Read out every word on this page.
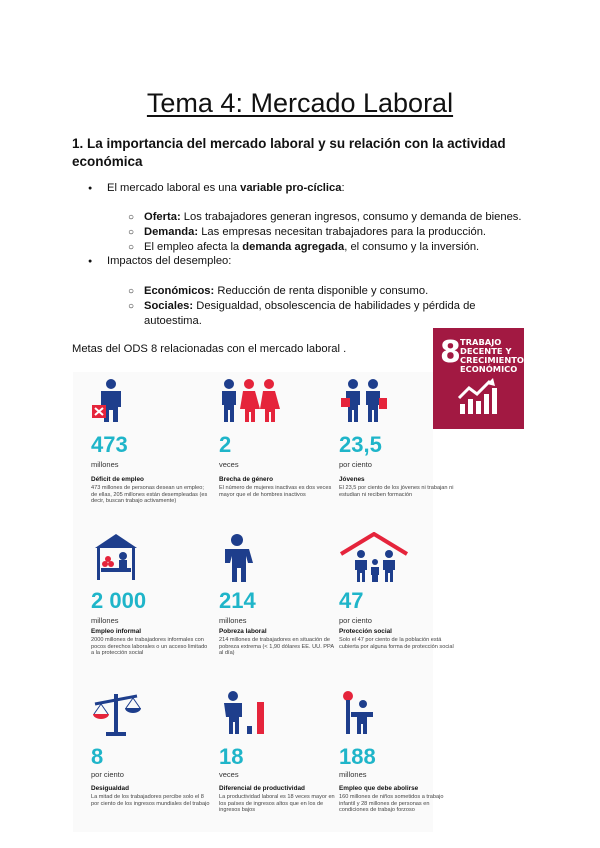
Tema 4: Mercado Laboral
1. La importancia del mercado laboral y su relación con la actividad económica
● El mercado laboral es una variable pro-cíclica:
○ Oferta: Los trabajadores generan ingresos, consumo y demanda de bienes.
○ Demanda: Las empresas necesitan trabajadores para la producción.
○ El empleo afecta la demanda agregada, el consumo y la inversión.
● Impactos del desempleo:
○ Económicos: Reducción de renta disponible y consumo.
○ Sociales: Desigualdad, obsolescencia de habilidades y pérdida de
autoestima.
Metas del ODS 8 relacionadas con el mercado laboral .	8 TRABAJO DECENTE Y CRECIMIENTO ECONÓMICO
473
millones
Déficit de empleo
473 millones de personas desean un empleo; de ellas, 205 millones están desempleadas (es decir, buscan trabajo activamente)
2
veces
Brecha de género
El número de mujeres inactivas es dos veces mayor que el de hombres inactivos
23,5
por ciento
Jóvenes
El 23,5 por ciento de los jóvenes ni trabajan ni estudian ni reciben formación
2 000
millones
Empleo informal
2000 millones de trabajadores informales con pocos derechos laborales o un acceso limitado a la protección social
214
millones
Pobreza laboral
214 millones de trabajadores en situación de pobreza extrema (< 1,90 dólares EE. UU. PPA al día)
47
por ciento
Protección social
Solo el 47 por ciento de la población está cubierta por alguna forma de protección social
8
por ciento
Desigualdad
La mitad de los trabajadores percibe solo el 8 por ciento de los ingresos mundiales del trabajo
18
veces
Diferencial de productividad
La productividad laboral es 18 veces mayor en los países de ingresos altos que en los de ingresos bajos
188
millones
Empleo que debe abolirse
160 millones de niños sometidos a trabajo infantil y 28 millones de personas en condiciones de trabajo forzoso
